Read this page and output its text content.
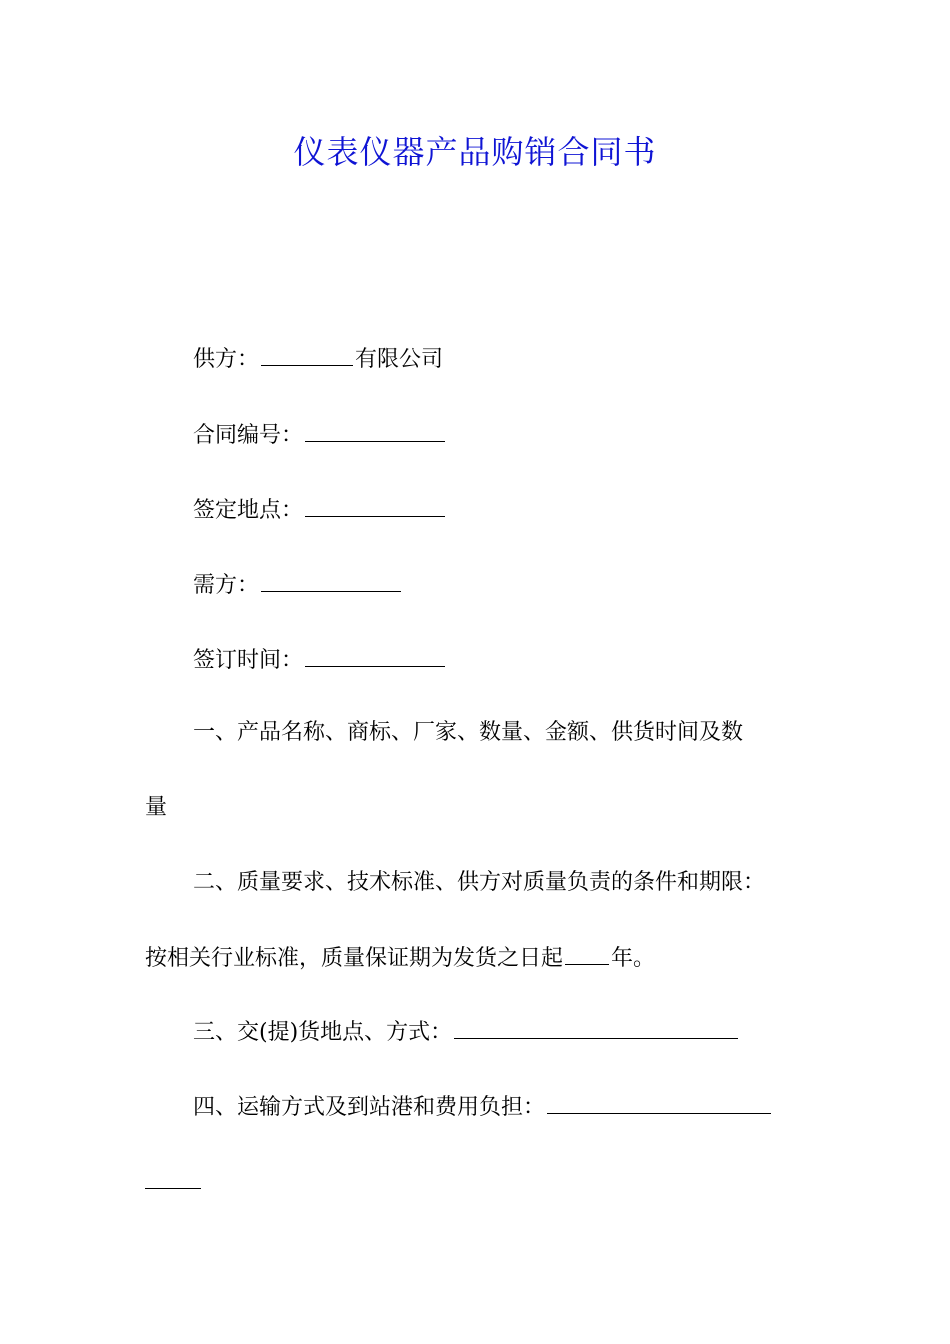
仪表仪器产品购销合同书

供方：	有限公司

合同编号：

签定地点：

需方：

签订时间：

一、产品名称、商标、厂家、数量、金额、供货时间及数

量

二、质量要求、技术标准、供方对质量负责的条件和期限：

按相关行业标准，质量保证期为发货之日起 年。

三、交(提)货地点、方式：

四、运输方式及到站港和费用负担：
